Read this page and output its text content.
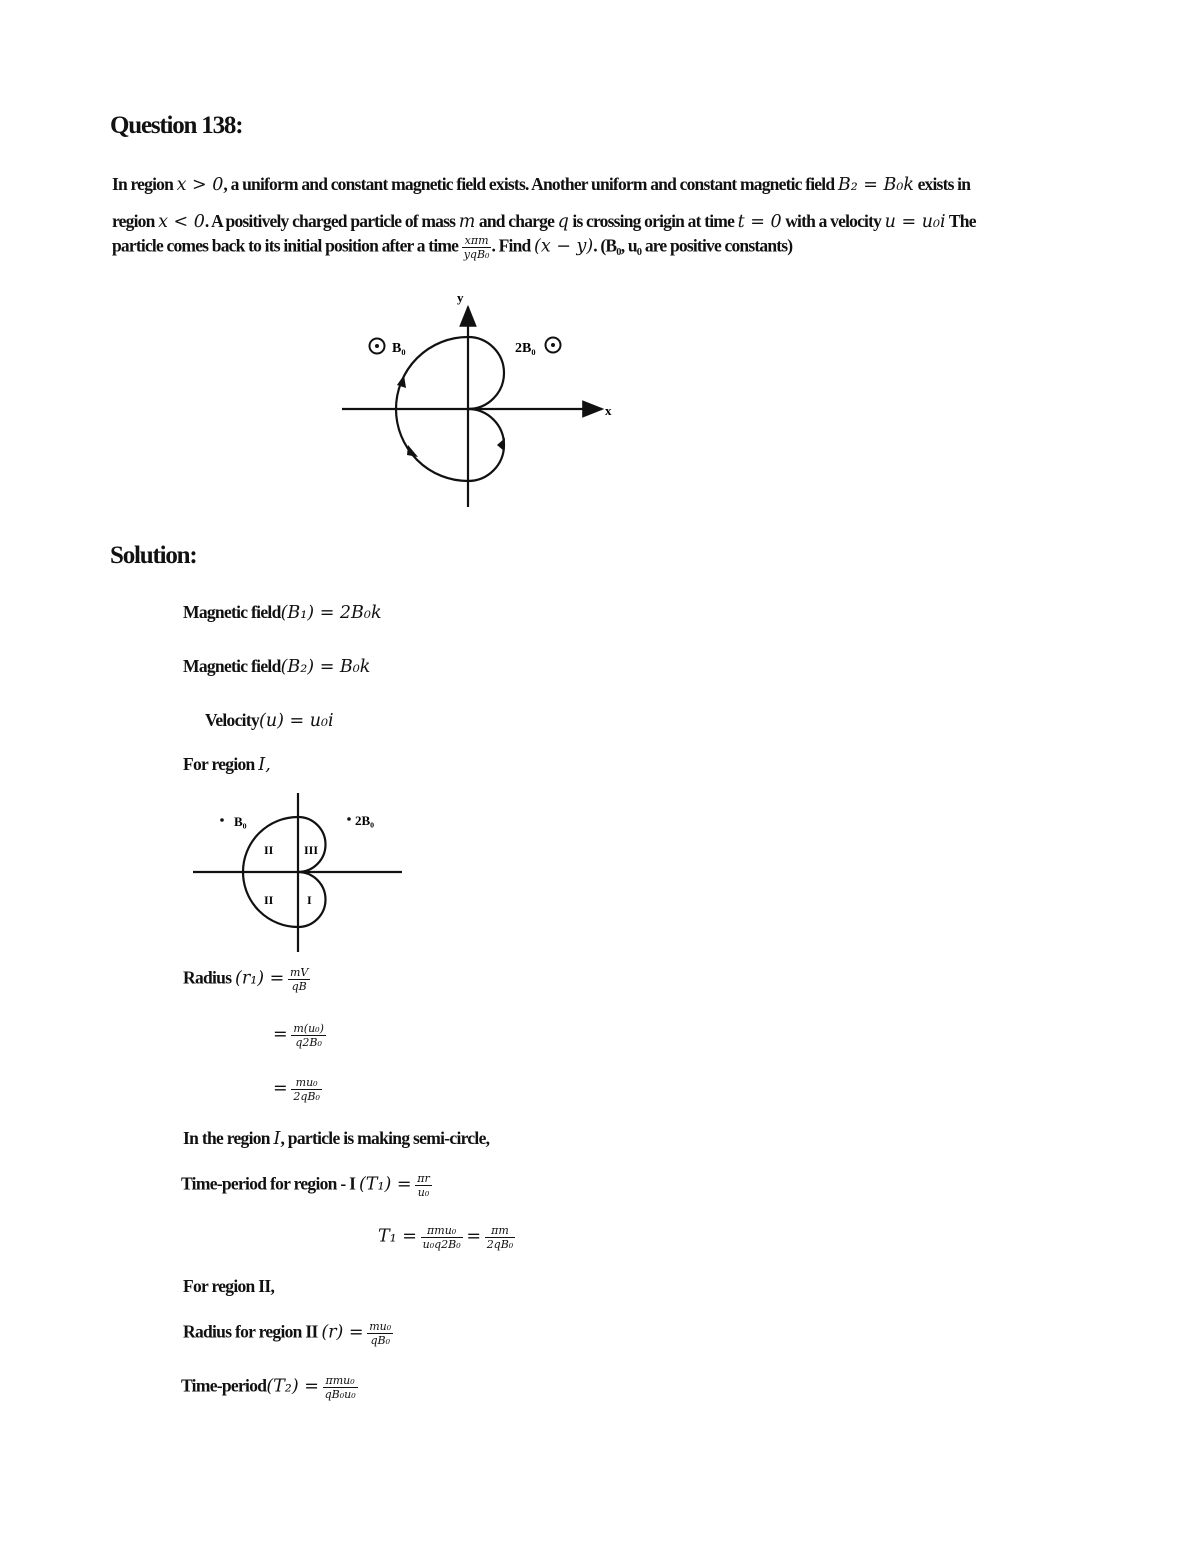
Question 138:
In region x > 0, a uniform and constant magnetic field exists. Another uniform and constant magnetic field B₂ = B₀k exists in
region x < 0. A positively charged particle of mass m and charge q is crossing origin at time t = 0 with a velocity u = u₀i The
particle comes back to its initial position after a time $\frac{\text{xπm}}{\text{yqB₀}}$ . Find (x − y). (B₀, u₀ are positive constants)
y
x
B₀	2B₀
Solution:
Magnetic field(B₁) = 2B₀k
Magnetic field(B₂) = B₀k
Velocity(u) = u₀i
For region I,
B₀	2B₀
II	III
II	I
Radius $(r_1) = \frac{mV}{qB}$
= $\frac{\text{m(u₀)}}{\text{q2B₀}}$
= $\frac{\text{mu₀}}{\text{2qB₀}}$
In the region I, particle is making semi-circle,
Time-period for region - I $(T_1) = \frac{\pi r}{\text{u₀}}$
$T_1 = \frac{\text{πmu₀}}{\text{u₀q2B₀}} = \frac{\pi m}{\text{2qB₀}}$
For region II,
Radius for region II $(r) = \frac{\text{mu₀}}{\text{qB₀}}$
Time-period(T₂) = $\frac{\text{πmu₀}}{\text{qB₀u₀}}$
